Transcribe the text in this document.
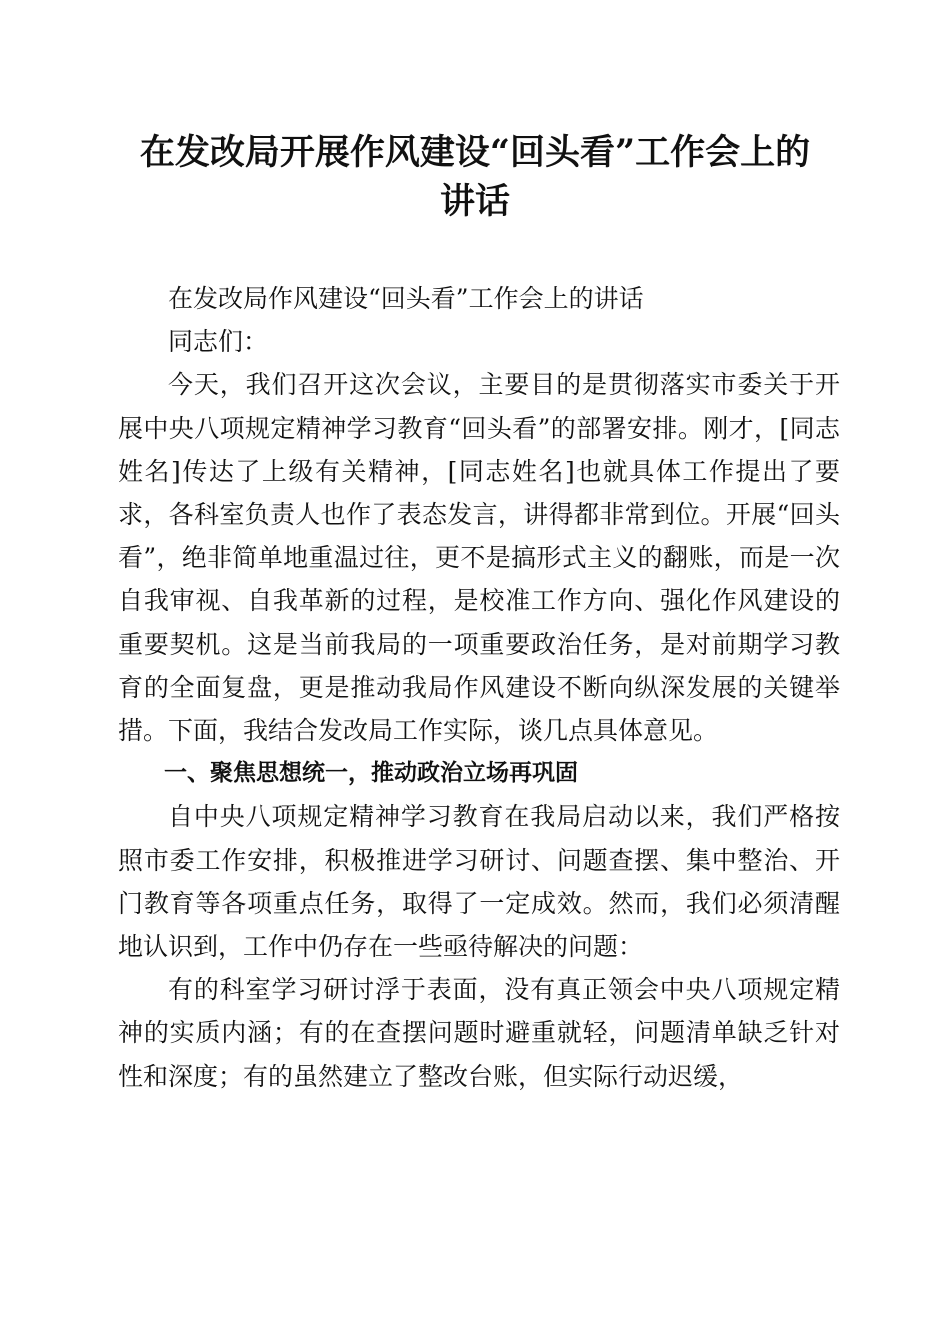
在发改局开展作风建设“回头看”工作会上的
讲话

在发改局作风建设“回头看”工作会上的讲话

同志们：

今天，我们召开这次会议，主要目的是贯彻落实市委关于开展中央八项规定精神学习教育“回头看”的部署安排。刚才，[同志姓名]传达了上级有关精神，[同志姓名]也就具体工作提出了要求，各科室负责人也作了表态发言，讲得都非常到位。开展“回头看”，绝非简单地重温过往，更不是搞形式主义的翻账，而是一次自我审视、自我革新的过程，是校准工作方向、强化作风建设的重要契机。这是当前我局的一项重要政治任务，是对前期学习教育的全面复盘，更是推动我局作风建设不断向纵深发展的关键举措。下面，我结合发改局工作实际，谈几点具体意见。

一、聚焦思想统一，推动政治立场再巩固

自中央八项规定精神学习教育在我局启动以来，我们严格按照市委工作安排，积极推进学习研讨、问题查摆、集中整治、开门教育等各项重点任务，取得了一定成效。然而，我们必须清醒地认识到，工作中仍存在一些亟待解决的问题：

有的科室学习研讨浮于表面，没有真正领会中央八项规定精神的实质内涵；有的在查摆问题时避重就轻，问题清单缺乏针对性和深度；有的虽然建立了整改台账，但实际行动迟缓，
